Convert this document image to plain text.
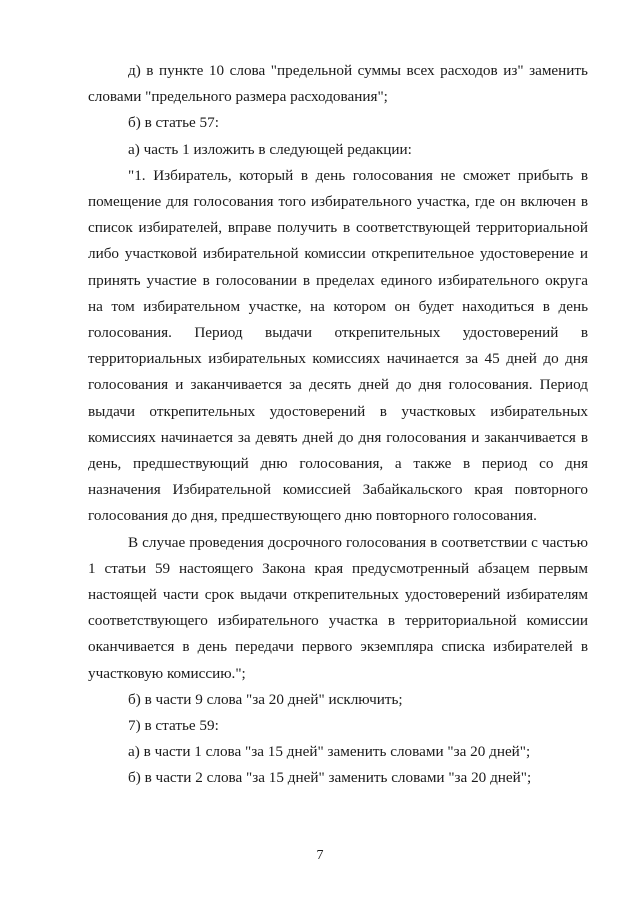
д) в пункте 10 слова "предельной суммы всех расходов из" заменить словами "предельного размера расходования";

б) в статье 57:

а) часть 1 изложить в следующей редакции:

"1. Избиратель, который в день голосования не сможет прибыть в помещение для голосования того избирательного участка, где он включен в список избирателей, вправе получить в соответствующей территориальной либо участковой избирательной комиссии открепительное удостоверение и принять участие в голосовании в пределах единого избирательного округа на том избирательном участке, на котором он будет находиться в день голосования. Период выдачи открепительных удостоверений в территориальных избирательных комиссиях начинается за 45 дней до дня голосования и заканчивается за десять дней до дня голосования. Период выдачи открепительных удостоверений в участковых избирательных комиссиях начинается за девять дней до дня голосования и заканчивается в день, предшествующий дню голосования, а также в период со дня назначения Избирательной комиссией Забайкальского края повторного голосования до дня, предшествующего дню повторного голосования.

В случае проведения досрочного голосования в соответствии с частью 1 статьи 59 настоящего Закона края предусмотренный абзацем первым настоящей части срок выдачи открепительных удостоверений избирателям соответствующего избирательного участка в территориальной комиссии оканчивается в день передачи первого экземпляра списка избирателей в участковую комиссию.";

б) в части 9 слова "за 20 дней" исключить;

7) в статье 59:

а) в части 1 слова "за 15 дней" заменить словами "за 20 дней";

б) в части 2 слова "за 15 дней" заменить словами "за 20 дней";

7
